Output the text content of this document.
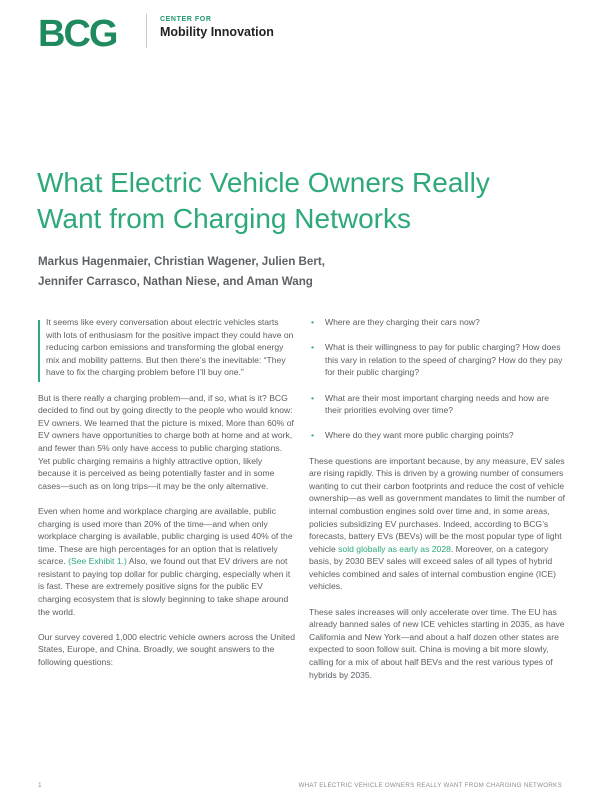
BCG	CENTER FOR
Mobility Innovation
What Electric Vehicle Owners Really Want from Charging Networks
Markus Hagenmaier, Christian Wagener, Julien Bert,
Jennifer Carrasco, Nathan Niese, and Aman Wang

It seems like every conversation about electric vehicles starts with lots of enthusiasm for the positive impact they could have on reducing carbon emissions and transforming the global energy mix and mobility patterns. But then there’s the inevitable: “They have to fix the charging problem before I’ll buy one.”

But is there really a charging problem—and, if so, what is it? BCG decided to find out by going directly to the people who would know: EV owners. We learned that the picture is mixed. More than 60% of EV owners have opportunities to charge both at home and at work, and fewer than 5% only have access to public charging stations. Yet public charging remains a highly attractive option, likely because it is perceived as being potentially faster and in some cases—such as on long trips—it may be the only alternative.

Even when home and workplace charging are available, public charging is used more than 20% of the time—and when only workplace charging is available, public charging is used 40% of the time. These are high percentages for an option that is relatively scarce. (See Exhibit 1.) Also, we found out that EV drivers are not resistant to paying top dollar for public charging, especially when it is fast. These are extremely positive signs for the public EV charging ecosystem that is slowly beginning to take shape around the world.

Our survey covered 1,000 electric vehicle owners across the United States, Europe, and China. Broadly, we sought answers to the following questions:

• Where are they charging their cars now?
• What is their willingness to pay for public charging? How does this vary in relation to the speed of charging? How do they pay for their public charging?
• What are their most important charging needs and how are their priorities evolving over time?
• Where do they want more public charging points?

These questions are important because, by any measure, EV sales are rising rapidly. This is driven by a growing number of consumers wanting to cut their carbon footprints and reduce the cost of vehicle ownership—as well as government mandates to limit the number of internal combustion engines sold over time and, in some areas, policies subsidizing EV purchases. Indeed, according to BCG’s forecasts, battery EVs (BEVs) will be the most popular type of light vehicle sold globally as early as 2028. Moreover, on a category basis, by 2030 BEV sales will exceed sales of all types of hybrid vehicles combined and sales of internal combustion engine (ICE) vehicles.

These sales increases will only accelerate over time. The EU has already banned sales of new ICE vehicles starting in 2035, as have California and New York—and about a half dozen other states are expected to soon follow suit. China is moving a bit more slowly, calling for a mix of about half BEVs and the rest various types of hybrids by 2035.

1	WHAT ELECTRIC VEHICLE OWNERS REALLY WANT FROM CHARGING NETWORKS
